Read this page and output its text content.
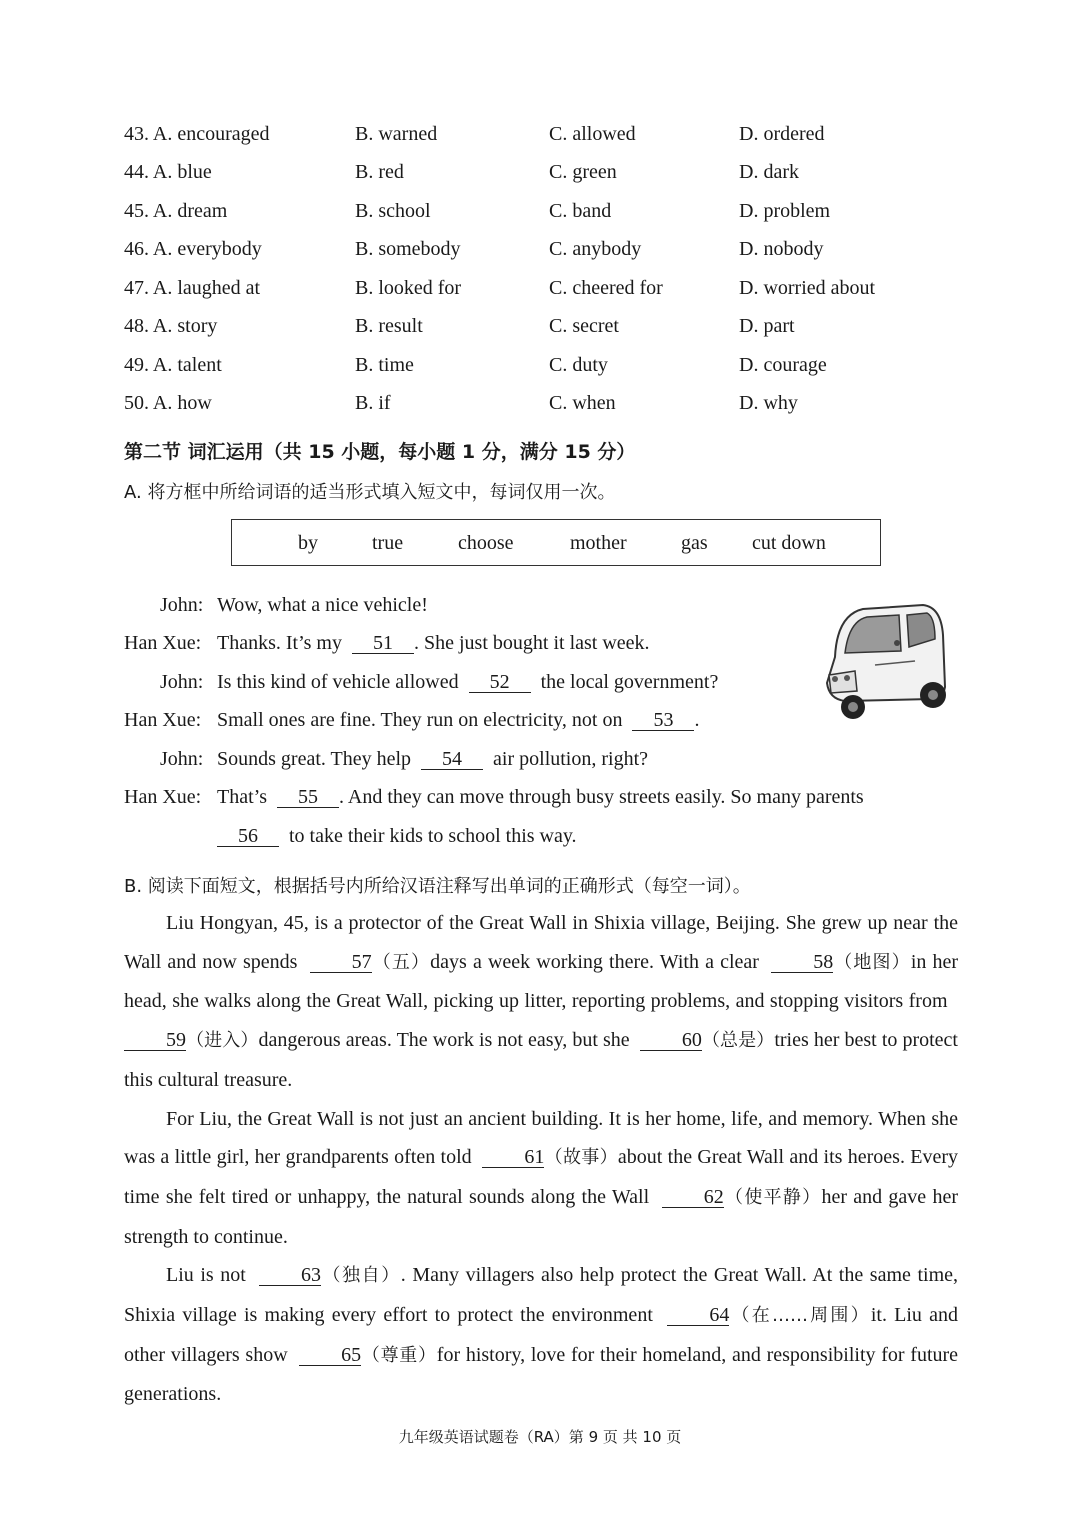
43. A. encouraged	B. warned	C. allowed	D. ordered
44. A. blue	B. red	C. green	D. dark
45. A. dream	B. school	C. band	D. problem
46. A. everybody	B. somebody	C. anybody	D. nobody
47. A. laughed at	B. looked for	C. cheered for	D. worried about
48. A. story	B. result	C. secret	D. part
49. A. talent	B. time	C. duty	D. courage
50. A. how	B. if	C. when	D. why
第二节 词汇运用（共 15 小题，每小题 1 分，满分 15 分）
A. 将方框中所给词语的适当形式填入短文中，每词仅用一次。
by	true	choose	mother	gas cut down
John: Wow, what a nice vehicle!
Han Xue: Thanks. It’s my 51 . She just bought it last week.
John: Is this kind of vehicle allowed 52 the local government?
Han Xue: Small ones are fine. They run on electricity, not on 53 .
John: Sounds great. They help 54 air pollution, right?
Han Xue: That’s 55 . And they can move through busy streets easily. So many parents
56 to take their kids to school this way.
B. 阅读下面短文，根据括号内所给汉语注释写出单词的正确形式（每空一词）。

Liu Hongyan, 45, is a protector of the Great Wall in Shixia village, Beijing. She grew up near the Wall and now spends	57（五）days a week working there. With a clear	58（地图）in her head, she walks along the Great Wall, picking up litter, reporting problems, and stopping visitors from  59（进入）dangerous areas. The work is not easy, but she	60（总是）tries her best to protect this cultural treasure.

For Liu, the Great Wall is not just an ancient building. It is her home, life, and memory. When she was a little girl, her grandparents often told	61（故事）about the Great Wall and its heroes. Every time she felt tired or unhappy, the natural sounds along the Wall	62（使平静）her and gave her strength to continue.

Liu is not	63（独自）. Many villagers also help protect the Great Wall. At the same time, Shixia village is making every effort to protect the environment	64（在……周围）it. Liu and other villagers show	65（尊重）for history, love for their homeland, and responsibility for future generations.

九年级英语试题卷（RA）第 9 页 共 10 页
